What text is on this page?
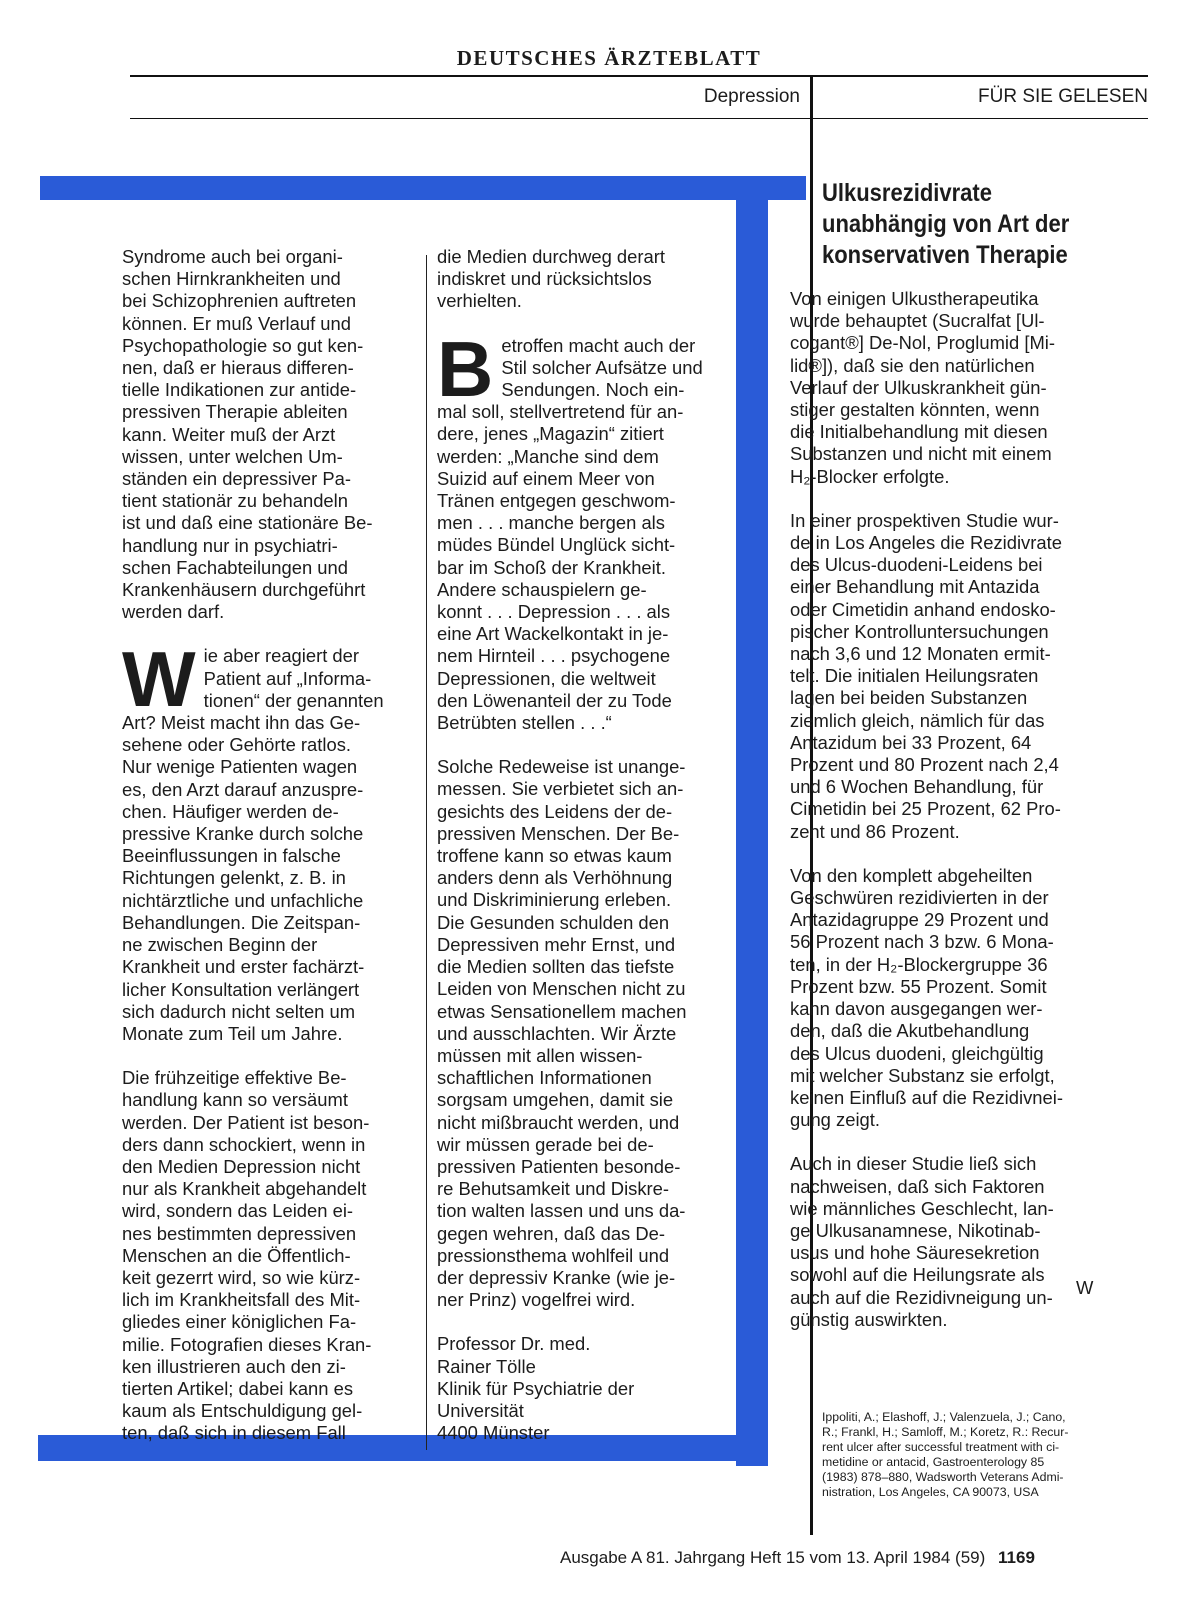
DEUTSCHES ÄRZTEBLATT
Depression	FÜR SIE GELESEN

Syndrome auch bei organi-
schen Hirnkrankheiten und
bei Schizophrenien auftreten
können. Er muß Verlauf und
Psychopathologie so gut ken-
nen, daß er hieraus differen-
tielle Indikationen zur antide-
pressiven Therapie ableiten
kann. Weiter muß der Arzt
wissen, unter welchen Um-
ständen ein depressiver Pa-
tient stationär zu behandeln
ist und daß eine stationäre Be-
handlung nur in psychiatri-
schen Fachabteilungen und
Krankenhäusern durchgeführt
werden darf.

Wie aber reagiert der
Patient auf „Informa-
tionen“ der genannten
Art? Meist macht ihn das Ge-
sehene oder Gehörte ratlos.
Nur wenige Patienten wagen
es, den Arzt darauf anzuspre-
chen. Häufiger werden de-
pressive Kranke durch solche
Beeinflussungen in falsche
Richtungen gelenkt, z. B. in
nichtärztliche und unfachliche
Behandlungen. Die Zeitspan-
ne zwischen Beginn der
Krankheit und erster fachärzt-
licher Konsultation verlängert
sich dadurch nicht selten um
Monate zum Teil um Jahre.

Die frühzeitige effektive Be-
handlung kann so versäumt
werden. Der Patient ist beson-
ders dann schockiert, wenn in
den Medien Depression nicht
nur als Krankheit abgehandelt
wird, sondern das Leiden ei-
nes bestimmten depressiven
Menschen an die Öffentlich-
keit gezerrt wird, so wie kürz-
lich im Krankheitsfall des Mit-
gliedes einer königlichen Fa-
milie. Fotografien dieses Kran-
ken illustrieren auch den zi-
tierten Artikel; dabei kann es
kaum als Entschuldigung gel-
ten, daß sich in diesem Fall

die Medien durchweg derart
indiskret und rücksichtslos
verhielten.

Betroffen macht auch der
Stil solcher Aufsätze und
Sendungen. Noch ein-
mal soll, stellvertretend für an-
dere, jenes „Magazin“ zitiert
werden: „Manche sind dem
Suizid auf einem Meer von
Tränen entgegen geschwom-
men . . . manche bergen als
müdes Bündel Unglück sicht-
bar im Schoß der Krankheit.
Andere schauspielern ge-
konnt . . . Depression . . . als
eine Art Wackelkontakt in je-
nem Hirnteil . . . psychogene
Depressionen, die weltweit
den Löwenanteil der zu Tode
Betrübten stellen . . .“

Solche Redeweise ist unange-
messen. Sie verbietet sich an-
gesichts des Leidens der de-
pressiven Menschen. Der Be-
troffene kann so etwas kaum
anders denn als Verhöhnung
und Diskriminierung erleben.
Die Gesunden schulden den
Depressiven mehr Ernst, und
die Medien sollten das tiefste
Leiden von Menschen nicht zu
etwas Sensationellem machen
und ausschlachten. Wir Ärzte
müssen mit allen wissen-
schaftlichen Informationen
sorgsam umgehen, damit sie
nicht mißbraucht werden, und
wir müssen gerade bei de-
pressiven Patienten besonde-
re Behutsamkeit und Diskre-
tion walten lassen und uns da-
gegen wehren, daß das De-
pressionsthema wohlfeil und
der depressiv Kranke (wie je-
ner Prinz) vogelfrei wird.

Professor Dr. med.
Rainer Tölle
Klinik für Psychiatrie der
Universität
4400 Münster

Ulkusrezidivrate
unabhängig von Art der
konservativen Therapie

Von einigen Ulkustherapeutika
wurde behauptet (Sucralfat [Ul-
cogant®] De-Nol, Proglumid [Mi-
lid®]), daß sie den natürlichen
Verlauf der Ulkuskrankheit gün-
stiger gestalten könnten, wenn
die Initialbehandlung mit diesen
Substanzen und nicht mit einem
H₂-Blocker erfolgte.

In einer prospektiven Studie wur-
de in Los Angeles die Rezidivrate
des Ulcus-duodeni-Leidens bei
einer Behandlung mit Antazida
oder Cimetidin anhand endosko-
pischer Kontrolluntersuchungen
nach 3,6 und 12 Monaten ermit-
telt. Die initialen Heilungsraten
lagen bei beiden Substanzen
ziemlich gleich, nämlich für das
Antazidum bei 33 Prozent, 64
Prozent und 80 Prozent nach 2,4
und 6 Wochen Behandlung, für
Cimetidin bei 25 Prozent, 62 Pro-
zent und 86 Prozent.

Von den komplett abgeheilten
Geschwüren rezidivierten in der
Antazidagruppe 29 Prozent und
56 Prozent nach 3 bzw. 6 Mona-
ten, in der H₂-Blockergruppe 36
Prozent bzw. 55 Prozent. Somit
kann davon ausgegangen wer-
den, daß die Akutbehandlung
des Ulcus duodeni, gleichgültig
mit welcher Substanz sie erfolgt,
keinen Einfluß auf die Rezidivnei-
gung zeigt.

Auch in dieser Studie ließ sich
nachweisen, daß sich Faktoren
wie männliches Geschlecht, lan-
ge Ulkusanamnese, Nikotinab-
usus und hohe Säuresekretion
sowohl auf die Heilungsrate als
auch auf die Rezidivneigung un-
günstig auswirkten.

W
Ippoliti, A.; Elashoff, J.; Valenzuela, J.; Cano,
R.; Frankl, H.; Samloff, M.; Koretz, R.: Recur-
rent ulcer after successful treatment with ci-
metidine or antacid, Gastroenterology 85
(1983) 878–880, Wadsworth Veterans Admi-
nistration, Los Angeles, CA 90073, USA
Ausgabe A 81. Jahrgang Heft 15 vom 13. April 1984 (59) 1169
